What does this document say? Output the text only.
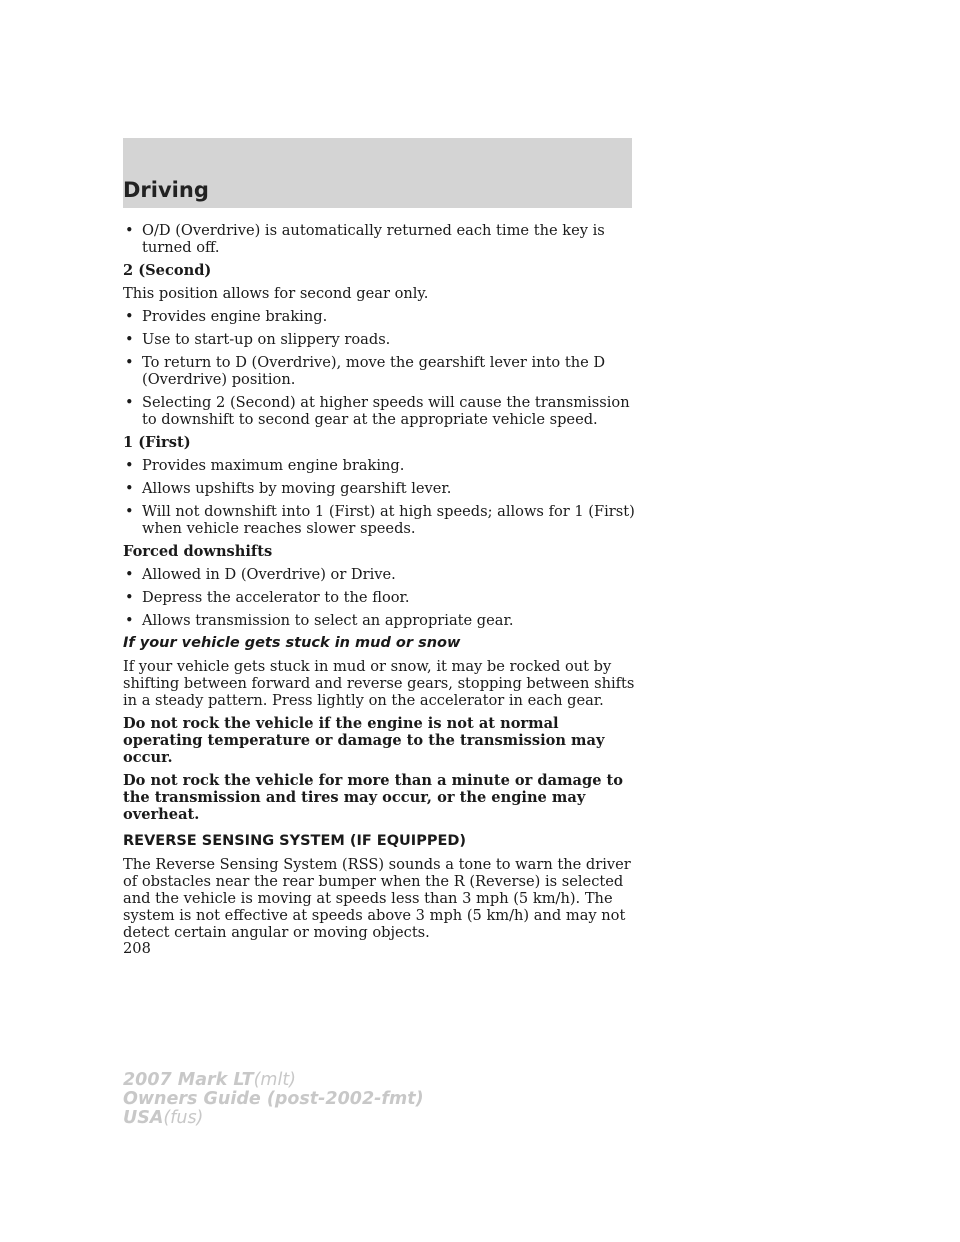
Driving
• O/D (Overdrive) is automatically returned each time the key is turned off.

2 (Second)

This position allows for second gear only.

• Provides engine braking.
• Use to start-up on slippery roads.
• To return to D (Overdrive), move the gearshift lever into the D (Overdrive) position.
• Selecting 2 (Second) at higher speeds will cause the transmission to downshift to second gear at the appropriate vehicle speed.

1 (First)

• Provides maximum engine braking.
• Allows upshifts by moving gearshift lever.
• Will not downshift into 1 (First) at high speeds; allows for 1 (First) when vehicle reaches slower speeds.

Forced downshifts

• Allowed in D (Overdrive) or Drive.
• Depress the accelerator to the floor.
• Allows transmission to select an appropriate gear.

If your vehicle gets stuck in mud or snow

If your vehicle gets stuck in mud or snow, it may be rocked out by shifting between forward and reverse gears, stopping between shifts in a steady pattern. Press lightly on the accelerator in each gear.

Do not rock the vehicle if the engine is not at normal operating temperature or damage to the transmission may occur.

Do not rock the vehicle for more than a minute or damage to the transmission and tires may occur, or the engine may overheat.

REVERSE SENSING SYSTEM (IF EQUIPPED)

The Reverse Sensing System (RSS) sounds a tone to warn the driver of obstacles near the rear bumper when the R (Reverse) is selected and the vehicle is moving at speeds less than 3 mph (5 km/h). The system is not effective at speeds above 3 mph (5 km/h) and may not detect certain angular or moving objects.

208
2007 Mark LT(mlt)
Owners Guide (post-2002-fmt)
USA(fus)
